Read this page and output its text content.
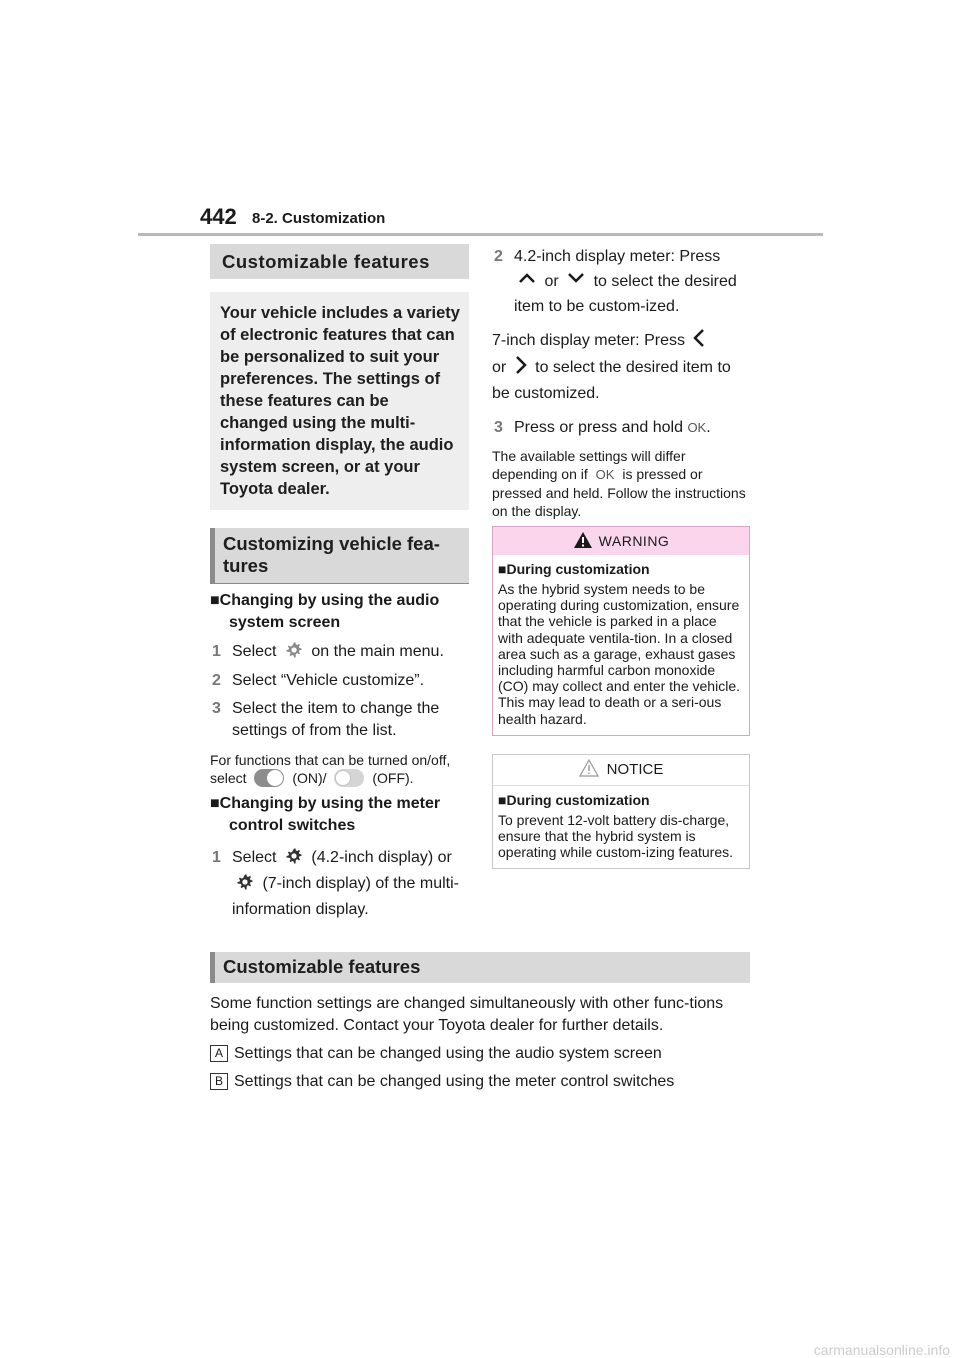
442 8-2. Customization
Customizable features
Your vehicle includes a variety of electronic features that can be personalized to suit your preferences. The settings of these features can be changed using the multi-information display, the audio system screen, or at your Toyota dealer.
Customizing vehicle fea-tures
■Changing by using the audio system screen
1 Select on the main menu.
2 Select “Vehicle customize”.
3 Select the item to change the settings of from the list.
For functions that can be turned on/off, select	(ON)/	(OFF).
■Changing by using the meter control switches
1 Select (4.2-inch display) or  (7-inch display) of the multi-information display.
2 4.2-inch display meter: Press
or to select the desired item to be custom-ized.
7-inch display meter: Press
or to select the desired item to be customized.
3 Press or press and hold OK.
The available settings will differ depending on if OK is pressed or pressed and held. Follow the instructions on the display.
WARNING
■During customization
As the hybrid system needs to be operating during customization, ensure that the vehicle is parked in a place with adequate ventila-tion. In a closed area such as a garage, exhaust gases including harmful carbon monoxide (CO) may collect and enter the vehicle. This may lead to death or a seri-ous health hazard.
NOTICE
■During customization
To prevent 12-volt battery dis-charge, ensure that the hybrid system is operating while custom-izing features.
Customizable features
Some function settings are changed simultaneously with other func-tions being customized. Contact your Toyota dealer for further details.
A Settings that can be changed using the audio system screen
B Settings that can be changed using the meter control switches
carmanualsonline.info
